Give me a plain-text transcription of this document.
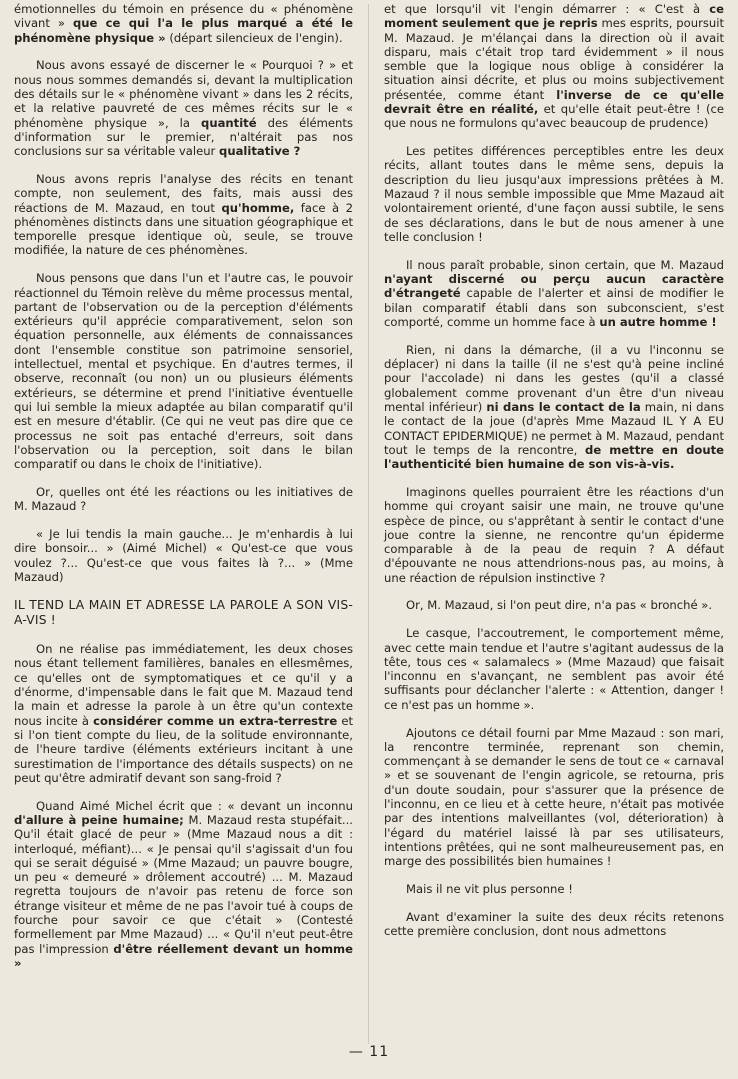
émotionnelles du témoin en présence du « phénomène vivant » que ce qui l'a le plus marqué a été le phénomène physique » (départ silencieux de l'engin).

Nous avons essayé de discerner le « Pourquoi ? » et nous nous sommes demandés si, devant la multiplication des détails sur le « phénomène vivant » dans les 2 récits, et la relative pauvreté de ces mêmes récits sur le « phénomène physique », la quantité des éléments d'information sur le premier, n'altérait pas nos conclusions sur sa véritable valeur qualitative ?

Nous avons repris l'analyse des récits en tenant compte, non seulement, des faits, mais aussi des réactions de M. Mazaud, en tout qu'homme, face à 2 phénomènes distincts dans une situation géographique et temporelle presque identique où, seule, se trouve modifiée, la nature de ces phénomènes.

Nous pensons que dans l'un et l'autre cas, le pouvoir réactionnel du Témoin relève du même processus mental, partant de l'observation ou de la perception d'éléments extérieurs qu'il apprécie comparativement, selon son équation personnelle, aux éléments de connaissances dont l'ensemble constitue son patrimoine sensoriel, intellectuel, mental et psychique. En d'autres termes, il observe, reconnaît (ou non) un ou plusieurs éléments extérieurs, se détermine et prend l'initiative éventuelle qui lui semble la mieux adaptée au bilan comparatif qu'il est en mesure d'établir. (Ce qui ne veut pas dire que ce processus ne soit pas entaché d'erreurs, soit dans l'observation ou la perception, soit dans le bilan comparatif ou dans le choix de l'initiative).

Or, quelles ont été les réactions ou les initiatives de M. Mazaud ?

« Je lui tendis la main gauche... Je m'enhardis à lui dire bonsoir... » (Aimé Michel) « Qu'est-ce que vous voulez ?... Qu'est-ce que vous faites là ?... » (Mme Mazaud)

IL TEND LA MAIN ET ADRESSE LA PAROLE A SON VIS-A-VIS !

On ne réalise pas immédiatement, les deux choses nous étant tellement familières, banales en ellesmêmes, ce qu'elles ont de symptomatiques et ce qu'il y a d'énorme, d'impensable dans le fait que M. Mazaud tend la main et adresse la parole à un être qu'un contexte nous incite à considérer comme un extra-terrestre et si l'on tient compte du lieu, de la solitude environnante, de l'heure tardive (éléments extérieurs incitant à une surestimation de l'importance des détails suspects) on ne peut qu'être admiratif devant son sang-froid ?

Quand Aimé Michel écrit que : « devant un inconnu d'allure à peine humaine; M. Mazaud resta stupéfait... Qu'il était glacé de peur » (Mme Mazaud nous a dit : interloqué, méfiant)... « Je pensai qu'il s'agissait d'un fou qui se serait déguisé » (Mme Mazaud; un pauvre bougre, un peu « demeuré » drôlement accoutré) ... M. Mazaud regretta toujours de n'avoir pas retenu de force son étrange visiteur et même de ne pas l'avoir tué à coups de fourche pour savoir ce que c'était » (Contesté formellement par Mme Mazaud) ... « Qu'il n'eut peut-être pas l'impression d'être réellement devant un homme »

et que lorsqu'il vit l'engin démarrer : « C'est à ce moment seulement que je repris mes esprits, poursuit M. Mazaud. Je m'élançai dans la direction où il avait disparu, mais c'était trop tard évidemment » il nous semble que la logique nous oblige à considérer la situation ainsi décrite, et plus ou moins subjectivement présentée, comme étant l'inverse de ce qu'elle devrait être en réalité, et qu'elle était peut-être ! (ce que nous ne formulons qu'avec beaucoup de prudence)

Les petites différences perceptibles entre les deux récits, allant toutes dans le même sens, depuis la description du lieu jusqu'aux impressions prêtées à M. Mazaud ? il nous semble impossible que Mme Mazaud ait volontairement orienté, d'une façon aussi subtile, le sens de ses déclarations, dans le but de nous amener à une telle conclusion !

Il nous paraît probable, sinon certain, que M. Mazaud n'ayant discerné ou perçu aucun caractère d'étrangeté capable de l'alerter et ainsi de modifier le bilan comparatif établi dans son subconscient, s'est comporté, comme un homme face à un autre homme !

Rien, ni dans la démarche, (il a vu l'inconnu se déplacer) ni dans la taille (il ne s'est qu'à peine incliné pour l'accolade) ni dans les gestes (qu'il a classé globalement comme provenant d'un être d'un niveau mental inférieur) ni dans le contact de la main, ni dans le contact de la joue (d'après Mme Mazaud IL Y A EU CONTACT EPIDERMIQUE) ne permet à M. Mazaud, pendant tout le temps de la rencontre, de mettre en doute l'authenticité bien humaine de son vis-à-vis.

Imaginons quelles pourraient être les réactions d'un homme qui croyant saisir une main, ne trouve qu'une espèce de pince, ou s'apprêtant à sentir le contact d'une joue contre la sienne, ne rencontre qu'un épiderme comparable à de la peau de requin ? A défaut d'épouvante ne nous attendrions-nous pas, au moins, à une réaction de répulsion instinctive ?

Or, M. Mazaud, si l'on peut dire, n'a pas « bronché ».

Le casque, l'accoutrement, le comportement même, avec cette main tendue et l'autre s'agitant audessus de la tête, tous ces « salamalecs » (Mme Mazaud) que faisait l'inconnu en s'avançant, ne semblent pas avoir été suffisants pour déclancher l'alerte : « Attention, danger ! ce n'est pas un homme ».

Ajoutons ce détail fourni par Mme Mazaud : son mari, la rencontre terminée, reprenant son chemin, commençant à se demander le sens de tout ce « carnaval » et se souvenant de l'engin agricole, se retourna, pris d'un doute soudain, pour s'assurer que la présence de l'inconnu, en ce lieu et à cette heure, n'était pas motivée par des intentions malveillantes (vol, déterioration) à l'égard du matériel laissé là par ses utilisateurs, intentions prêtées, qui ne sont malheureusement pas, en marge des possibilités bien humaines !

Mais il ne vit plus personne !

Avant d'examiner la suite des deux récits retenons cette première conclusion, dont nous admettons

— 11
